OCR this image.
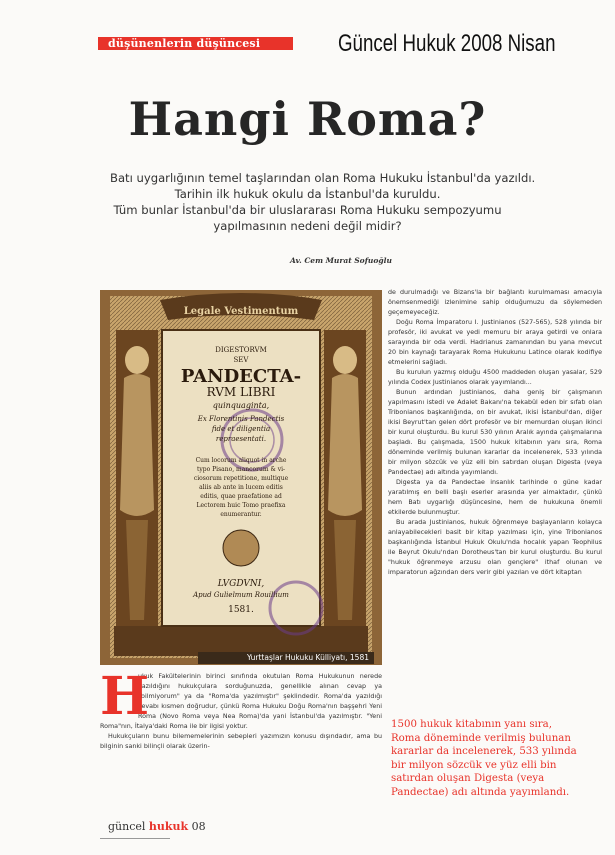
düşünenlerin düşüncesi	Güncel Hukuk 2008 Nisan
Hangi Roma?
Batı uygarlığının temel taşlarından olan Roma Hukuku İstanbul'da yazıldı.
Tarihin ilk hukuk okulu da İstanbul'da kuruldu.
Tüm bunlar İstanbul'da bir uluslararası Roma Hukuku sempozyumu
yapılmasının nedeni değil midir?
Av. Cem Murat Sofuoğlu
Legale Vestimentum
DIGESTORVM
SEV
PANDECTA-
RVM LIBRI
quinquaginta,
Ex Florentinis Pandectis
fide et diligentia
repraesentati.
Cum locorum aliquot in arche
typo Pisano, mancorum & vi-
ciosorum repetitione, multique
aliis ab ante in lucem editis
editis, quae praefatione ad
Lectorem huic Tomo praefixa
enumerantur.
LVGDVNI,
Apud Gulielmum Rouillium
1581.
Yurttaşlar Hukuku Külliyatı, 1581

de durulmadığı ve Bizans'la bir bağlantı kurulmaması amacıyla önemsenmediği izlenimine sahip olduğumuzu da söylemeden geçemeyeceğiz.

Doğu Roma İmparatoru I. Justinianos (527-565), 528 yılında bir profesör, iki avukat ve yedi memuru bir araya getirdi ve onlara sarayında bir oda verdi. Hadrianus zamanından bu yana mevcut 20 bin kaynağı tarayarak Roma Hukukunu Latince olarak kodifiye etmelerini sağladı.

Bu kurulun yazmış olduğu 4500 maddeden oluşan yasalar, 529 yılında Codex Justinianos olarak yayımlandı...

Bunun ardından Justinianos, daha geniş bir çalışmanın yapılmasını istedi ve Adalet Bakanı'na tekabül eden bir sıfatı olan Tribonianos başkanlığında, on bir avukat, ikisi İstanbul'dan, diğer ikisi Beyrut'tan gelen dört profesör ve bir memurdan oluşan ikinci bir kurul oluşturdu. Bu kurul 530 yılının Aralık ayında çalışmalarına başladı. Bu çalışmada, 1500 hukuk kitabının yanı sıra, Roma döneminde verilmiş bulunan kararlar da incelenerek, 533 yılında bir milyon sözcük ve yüz elli bin satırdan oluşan Digesta (veya Pandectae) adı altında yayımlandı.

Digesta ya da Pandectae insanlık tarihinde o güne kadar yaratılmış en belli başlı eserler arasında yer almaktadır, çünkü hem Batı uygarlığı düşüncesine, hem de hukukuna önemli etkilerde bulunmuştur.

Bu arada Justinianos, hukuk öğrenmeye başlayanların kolayca anlayabilecekleri basit bir kitap yazılması için, yine Tribonianos başkanlığında İstanbul Hukuk Okulu'nda hocalık yapan Teophilus ile Beyrut Okulu'ndan Dorotheus'tan bir kurul oluşturdu. Bu kurul "hukuk öğrenmeye arzusu olan gençlere" ithaf olunan ve imparatorun ağzından ders verir gibi yazılan ve dört kitaptan

ukuk Fakültelerinin birinci sınıfında okutulan Roma Hukukunun nerede yazıldığını hukukçulara sorduğunuzda, genellikle alınan cevap ya "bilmiyorum" ya da "Roma'da yazılmıştır" şeklindedir. Roma'da yazıldığı cevabı kısmen doğrudur, çünkü Roma Hukuku Doğu Roma'nın başşehri Yeni Roma (Novo Roma veya Nea Roma)'da yani İstanbul'da yazılmıştır. "Yeni Roma"nın, İtalya'daki Roma ile bir ilgisi yoktur.

Hukukçuların bunu bilememelerinin sebepleri yazımızın konusu dışındadır, ama bu bilginin sanki bilinçli olarak üzerin-

H	1500 hukuk kitabının yanı sıra,
Roma döneminde verilmiş bulunan
kararlar da incelenerek, 533 yılında
bir milyon sözcük ve yüz elli bin
satırdan oluşan Digesta (veya
Pandectae) adı altında yayımlandı.
güncel hukuk 08
